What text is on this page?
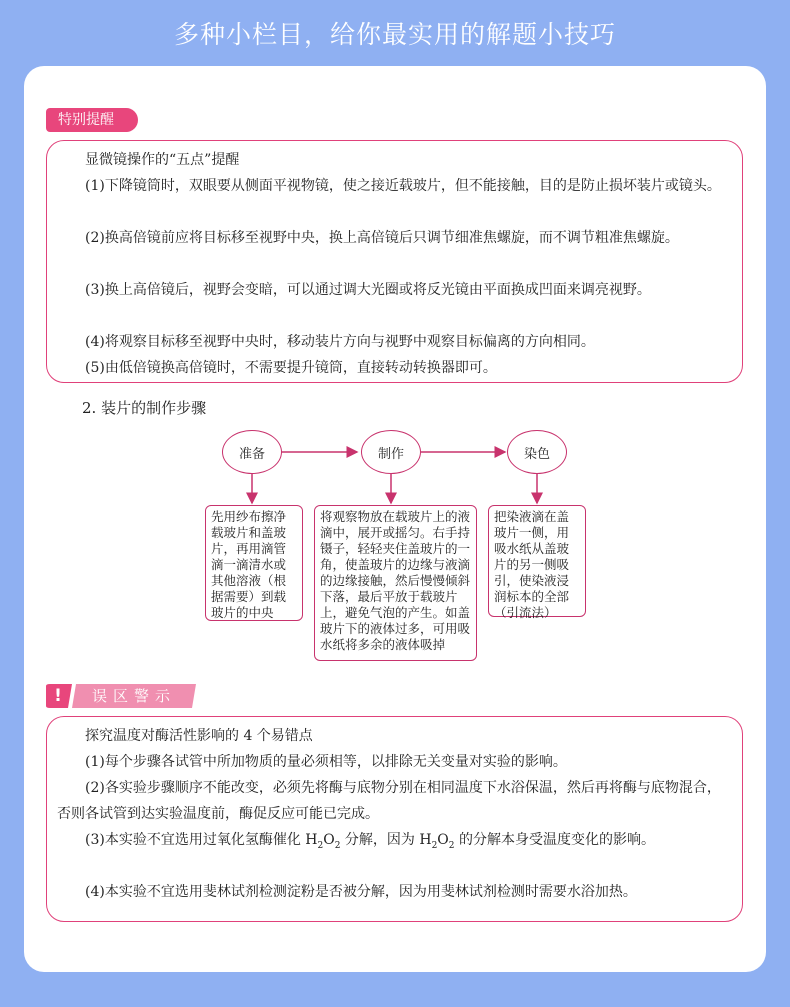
多种小栏目，给你最实用的解题小技巧
特别提醒

显微镜操作的“五点”提醒

(1)下降镜筒时，双眼要从侧面平视物镜，使之接近载玻片，但不能接触，目的是防止损坏装片或镜头。

(2)换高倍镜前应将目标移至视野中央，换上高倍镜后只调节细准焦螺旋，而不调节粗准焦螺旋。

(3)换上高倍镜后，视野会变暗，可以通过调大光圈或将反光镜由平面换成凹面来调亮视野。

(4)将观察目标移至视野中央时，移动装片方向与视野中观察目标偏离的方向相同。

(5)由低倍镜换高倍镜时，不需要提升镜筒，直接转动转换器即可。

2. 装片的制作步骤
准备	制作	染色
先用纱布擦净载玻片和盖玻片，再用滴管滴一滴清水或其他溶液（根据需要）到载玻片的中央
将观察物放在载玻片上的液滴中，展开或摇匀。右手持镊子，轻轻夹住盖玻片的一角，使盖玻片的边缘与液滴的边缘接触，然后慢慢倾斜下落，最后平放于载玻片上，避免气泡的产生。如盖玻片下的液体过多，可用吸水纸将多余的液体吸掉
把染液滴在盖玻片一侧，用吸水纸从盖玻片的另一侧吸引，使染液浸润标本的全部（引流法）
!	误区警示

探究温度对酶活性影响的 4 个易错点

(1)每个步骤各试管中所加物质的量必须相等，以排除无关变量对实验的影响。

(2)各实验步骤顺序不能改变，必须先将酶与底物分别在相同温度下水浴保温，然后再将酶与底物混合，否则各试管到达实验温度前，酶促反应可能已完成。

(3)本实验不宜选用过氧化氢酶催化 $H_2O_2$ 分解，因为 $H_2O_2$ 的分解本身受温度变化的影响。

(4)本实验不宜选用斐林试剂检测淀粉是否被分解，因为用斐林试剂检测时需要水浴加热。
